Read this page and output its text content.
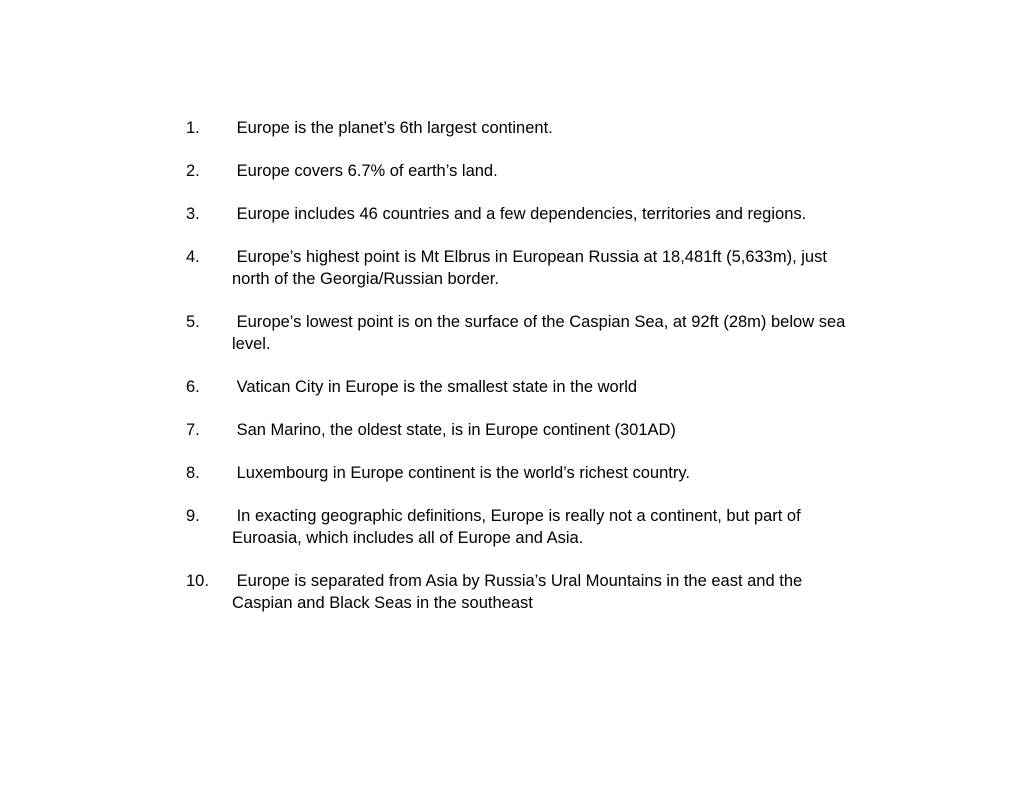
1. Europe is the planet’s 6th largest continent.
2. Europe covers 6.7% of earth’s land.
3. Europe includes 46 countries and a few dependencies, territories and regions.
4. Europe’s highest point is Mt Elbrus in European Russia at 18,481ft (5,633m), just north of the Georgia/Russian border.
5. Europe’s lowest point is on the surface of the Caspian Sea, at 92ft (28m) below sea level.
6. Vatican City in Europe is the smallest state in the world
7. San Marino, the oldest state, is in Europe continent (301AD)
8. Luxembourg in Europe continent is the world’s richest country.
9. In exacting geographic definitions, Europe is really not a continent, but part of Euroasia, which includes all of Europe and Asia.
10. Europe is separated from Asia by Russia’s Ural Mountains in the east and the Caspian and Black Seas in the southeast
